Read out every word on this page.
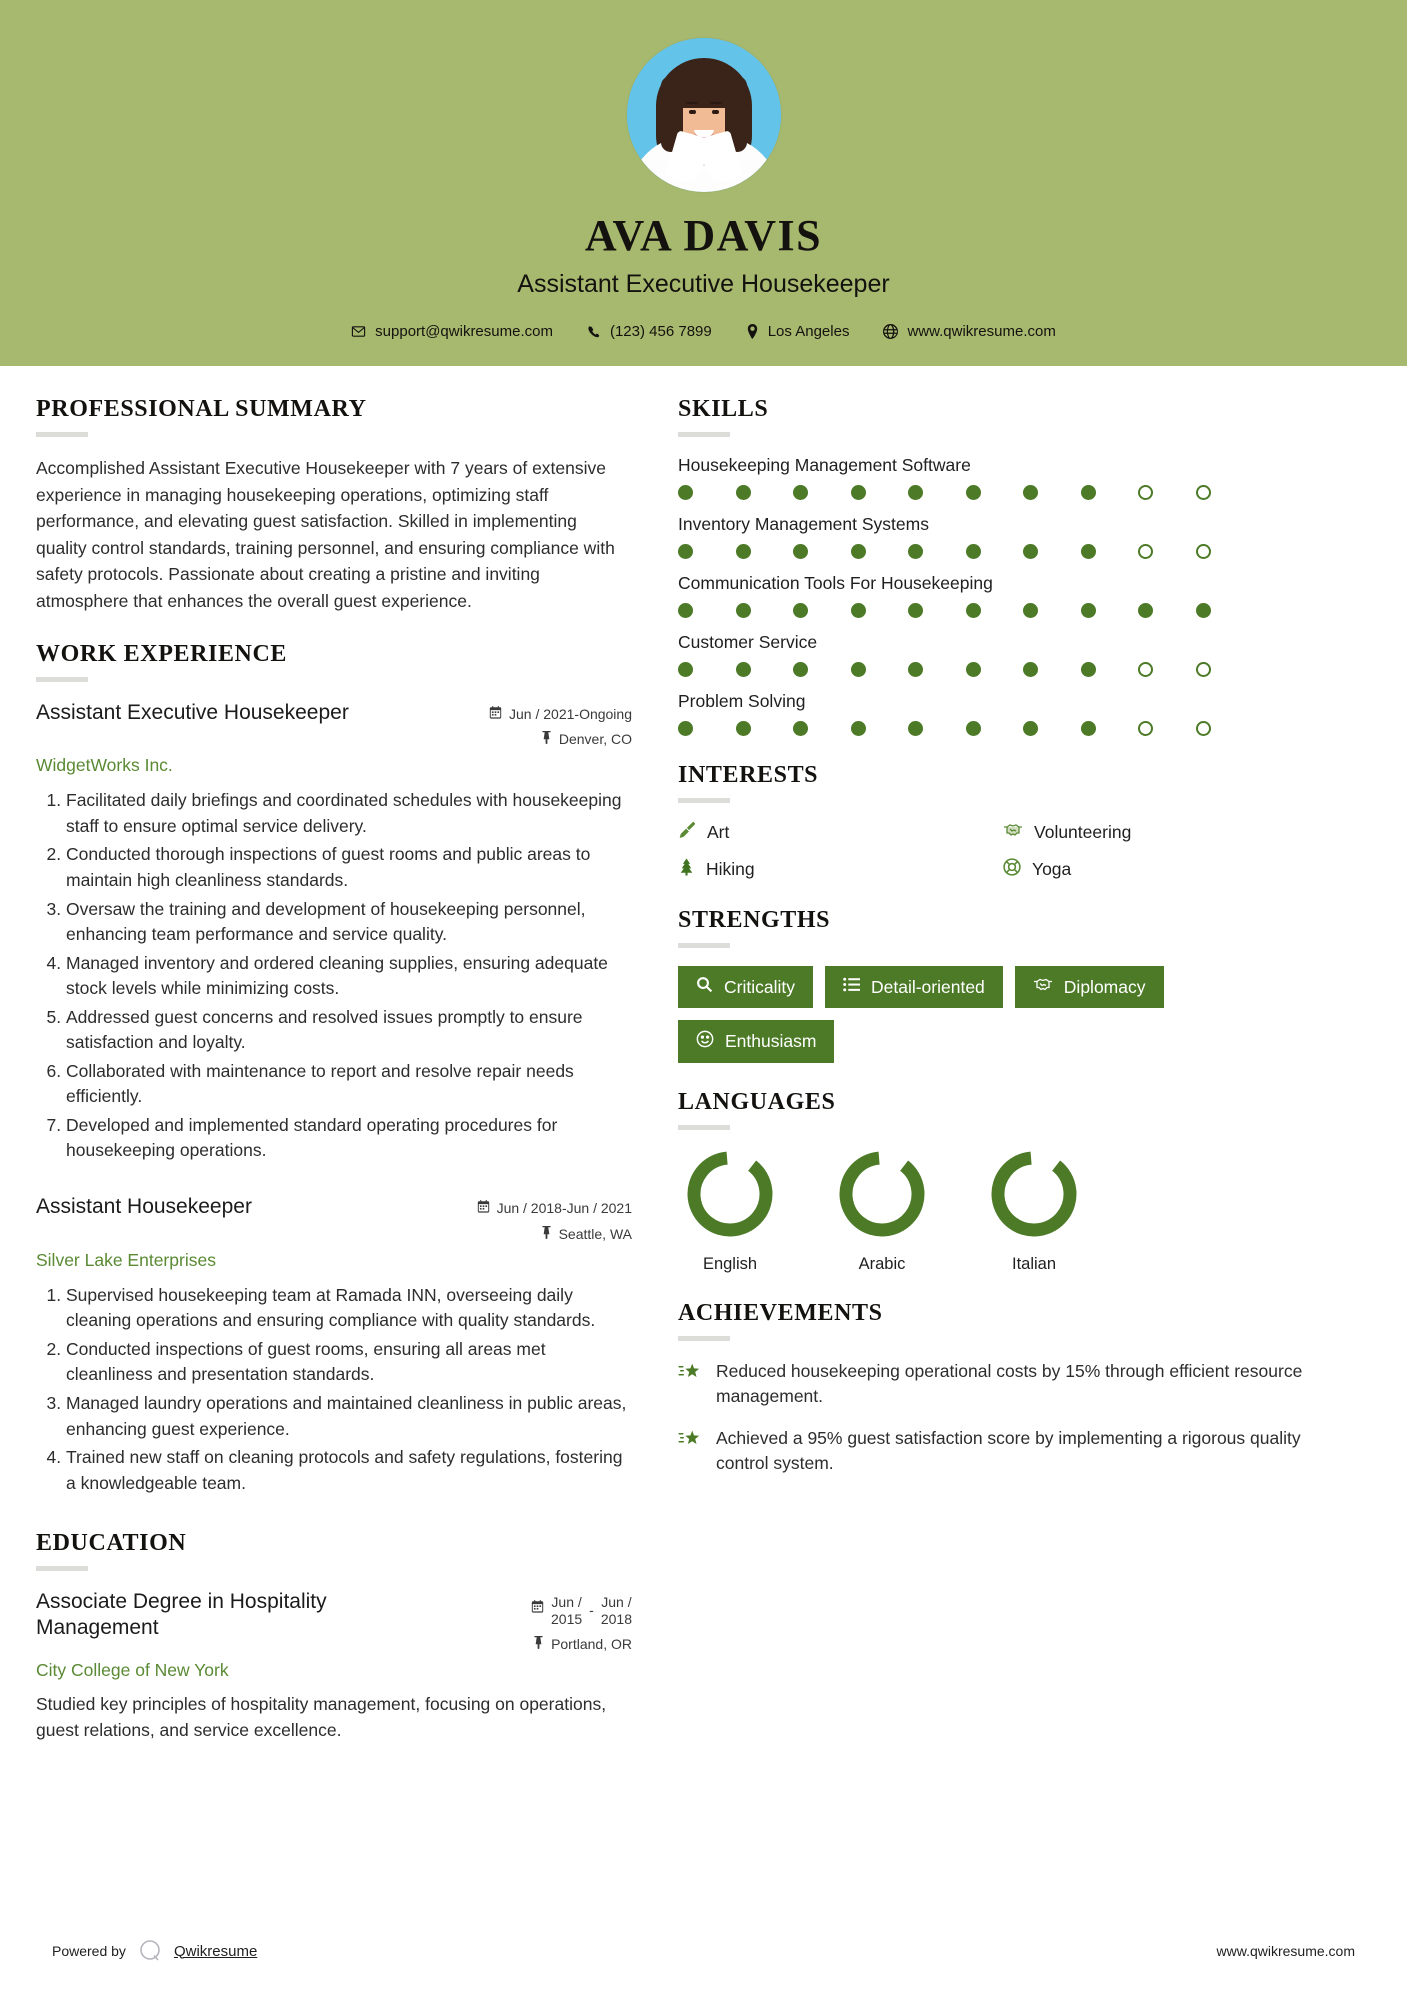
AVA DAVIS
Assistant Executive Housekeeper
support@qwikresume.com	(123) 456 7899	Los Angeles	www.qwikresume.com
PROFESSIONAL SUMMARY
Accomplished Assistant Executive Housekeeper with 7 years of extensive experience in managing housekeeping operations, optimizing staff performance, and elevating guest satisfaction. Skilled in implementing quality control standards, training personnel, and ensuring compliance with safety protocols. Passionate about creating a pristine and inviting atmosphere that enhances the overall guest experience.
WORK EXPERIENCE
Assistant Executive Housekeeper	Jun / 2021-Ongoing
Denver, CO
WidgetWorks Inc.
1. Facilitated daily briefings and coordinated schedules with housekeeping staff to ensure optimal service delivery.
2. Conducted thorough inspections of guest rooms and public areas to maintain high cleanliness standards.
3. Oversaw the training and development of housekeeping personnel, enhancing team performance and service quality.
4. Managed inventory and ordered cleaning supplies, ensuring adequate stock levels while minimizing costs.
5. Addressed guest concerns and resolved issues promptly to ensure satisfaction and loyalty.
6. Collaborated with maintenance to report and resolve repair needs efficiently.
7. Developed and implemented standard operating procedures for housekeeping operations.
Assistant Housekeeper	Jun / 2018-Jun / 2021
Seattle, WA
Silver Lake Enterprises
1. Supervised housekeeping team at Ramada INN, overseeing daily cleaning operations and ensuring compliance with quality standards.
2. Conducted inspections of guest rooms, ensuring all areas met cleanliness and presentation standards.
3. Managed laundry operations and maintained cleanliness in public areas, enhancing guest experience.
4. Trained new staff on cleaning protocols and safety regulations, fostering a knowledgeable team.
EDUCATION
Associate Degree in Hospitality Management
Jun /
2015
- Jun /
2018
Portland, OR
City College of New York
Studied key principles of hospitality management, focusing on operations, guest relations, and service excellence.
SKILLS
Housekeeping Management Software
Inventory Management Systems
Communication Tools For Housekeeping
Customer Service
Problem Solving
INTERESTS
Art	Volunteering
Hiking	Yoga
STRENGTHS
Criticality	Detail-oriented	Diplomacy
Enthusiasm
LANGUAGES
English	Arabic	Italian
ACHIEVEMENTS
Reduced housekeeping operational costs by 15% through efficient resource management.
Achieved a 95% guest satisfaction score by implementing a rigorous quality control system.
Powered by	Qwikresume	www.qwikresume.com
